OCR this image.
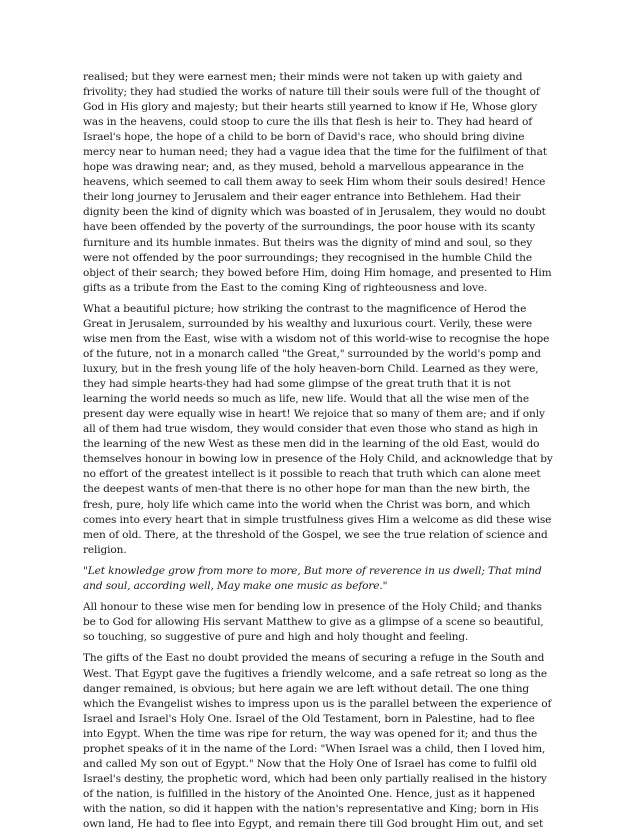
realised; but they were earnest men; their minds were not taken up with gaiety and frivolity; they had studied the works of nature till their souls were full of the thought of God in His glory and majesty; but their hearts still yearned to know if He, Whose glory was in the heavens, could stoop to cure the ills that flesh is heir to. They had heard of Israel's hope, the hope of a child to be born of David's race, who should bring divine mercy near to human need; they had a vague idea that the time for the fulfilment of that hope was drawing near; and, as they mused, behold a marvellous appearance in the heavens, which seemed to call them away to seek Him whom their souls desired! Hence their long journey to Jerusalem and their eager entrance into Bethlehem. Had their dignity been the kind of dignity which was boasted of in Jerusalem, they would no doubt have been offended by the poverty of the surroundings, the poor house with its scanty furniture and its humble inmates. But theirs was the dignity of mind and soul, so they were not offended by the poor surroundings; they recognised in the humble Child the object of their search; they bowed before Him, doing Him homage, and presented to Him gifts as a tribute from the East to the coming King of righteousness and love.

What a beautiful picture; how striking the contrast to the magnificence of Herod the Great in Jerusalem, surrounded by his wealthy and luxurious court. Verily, these were wise men from the East, wise with a wisdom not of this world-wise to recognise the hope of the future, not in a monarch called "the Great," surrounded by the world's pomp and luxury, but in the fresh young life of the holy heaven-born Child. Learned as they were, they had simple hearts-they had had some glimpse of the great truth that it is not learning the world needs so much as life, new life. Would that all the wise men of the present day were equally wise in heart! We rejoice that so many of them are; and if only all of them had true wisdom, they would consider that even those who stand as high in the learning of the new West as these men did in the learning of the old East, would do themselves honour in bowing low in presence of the Holy Child, and acknowledge that by no effort of the greatest intellect is it possible to reach that truth which can alone meet the deepest wants of men-that there is no other hope for man than the new birth, the fresh, pure, holy life which came into the world when the Christ was born, and which comes into every heart that in simple trustfulness gives Him a welcome as did these wise men of old. There, at the threshold of the Gospel, we see the true relation of science and religion.

"Let knowledge grow from more to more, But more of reverence in us dwell; That mind and soul, according well, May make one music as before."

All honour to these wise men for bending low in presence of the Holy Child; and thanks be to God for allowing His servant Matthew to give as a glimpse of a scene so beautiful, so touching, so suggestive of pure and high and holy thought and feeling.

The gifts of the East no doubt provided the means of securing a refuge in the South and West. That Egypt gave the fugitives a friendly welcome, and a safe retreat so long as the danger remained, is obvious; but here again we are left without detail. The one thing which the Evangelist wishes to impress upon us is the parallel between the experience of Israel and Israel's Holy One. Israel of the Old Testament, born in Palestine, had to flee into Egypt. When the time was ripe for return, the way was opened for it; and thus the prophet speaks of it in the name of the Lord: "When Israel was a child, then I loved him, and called My son out of Egypt." Now that the Holy One of Israel has come to fulfil old Israel's destiny, the prophetic word, which had been only partially realised in the history of the nation, is fulfilled in the history of the Anointed One. Hence, just as it happened with the nation, so did it happen with the nation's representative and King; born in His own land, He had to flee into Egypt, and remain there till God brought Him out, and set
